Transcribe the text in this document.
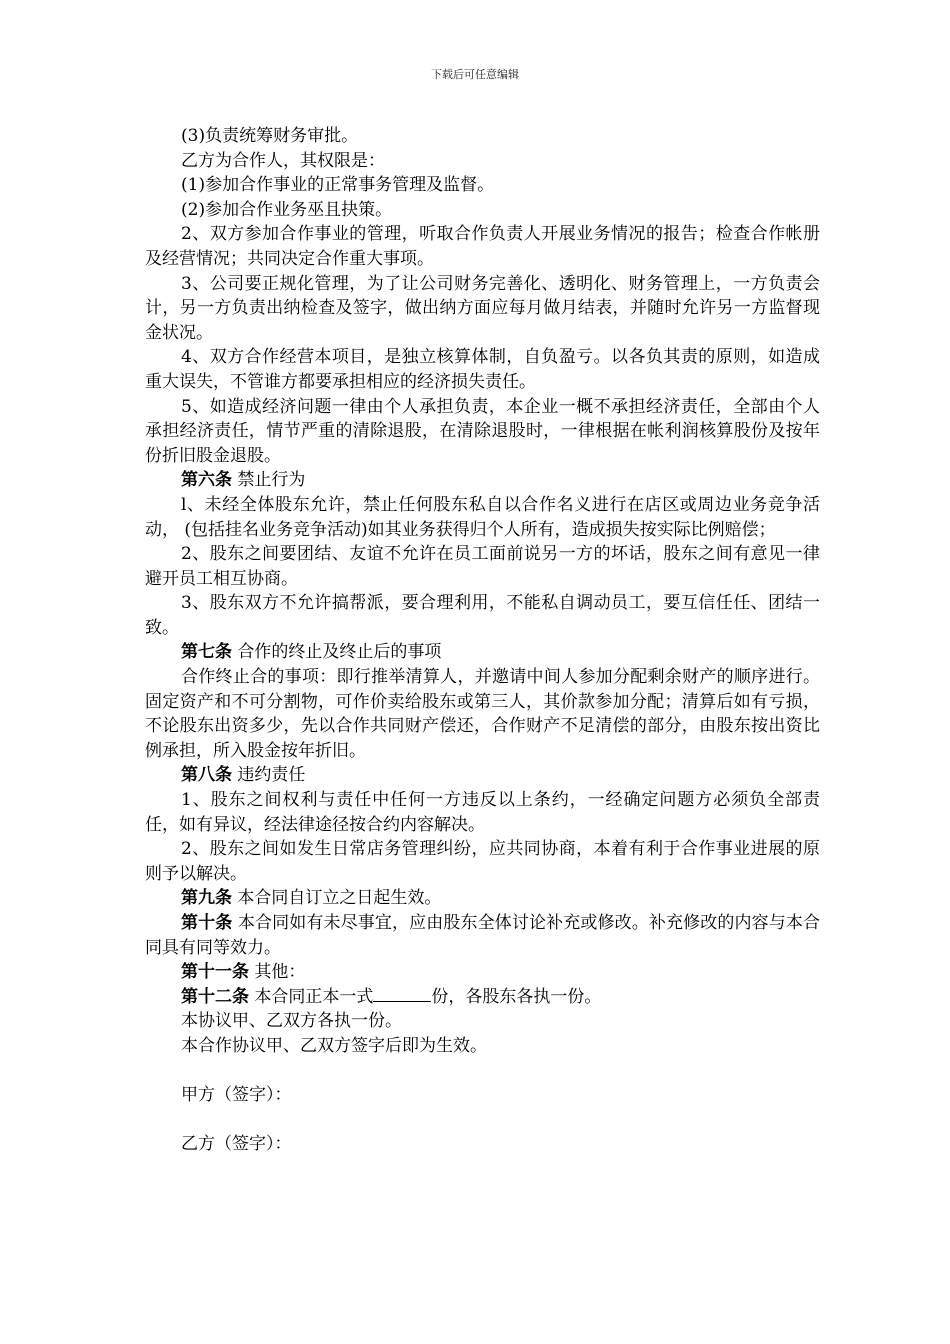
下载后可任意编辑

(3)负责统筹财务审批。

乙方为合作人，其权限是：

(1)参加合作事业的正常事务管理及监督。

(2)参加合作业务巫且抉策。

2、双方参加合作事业的管理，听取合作负责人开展业务情况的报告；检查合作帐册及经营情况；共同决定合作重大事项。

3、公司要正规化管理，为了让公司财务完善化、透明化、财务管理上，一方负责会计，另一方负责出纳检查及签字，做出纳方面应每月做月结表，并随时允许另一方监督现金状况。

4、双方合作经营本项目，是独立核算体制，自负盈亏。以各负其责的原则，如造成重大误失，不管谁方都要承担相应的经济损失责任。

5、如造成经济问题一律由个人承担负责，本企业一概不承担经济责任，全部由个人承担经济责任，情节严重的清除退股，在清除退股时，一律根据在帐利润核算股份及按年份折旧股金退股。

第六条 禁止行为

l、未经全体股东允许，禁止任何股东私自以合作名义进行在店区或周边业务竞争活动， (包括挂名业务竞争活动)如其业务获得归个人所有，造成损失按实际比例赔偿；

2、股东之间要团结、友谊不允许在员工面前说另一方的坏话，股东之间有意见一律避开员工相互协商。

3、股东双方不允许搞帮派，要合理利用，不能私自调动员工，要互信任任、团结一致。

第七条 合作的终止及终止后的事项

合作终止合的事项：即行推举清算人，并邀请中间人参加分配剩余财产的顺序进行。固定资产和不可分割物，可作价卖给股东或第三人，其价款参加分配；清算后如有亏损，不论股东出资多少，先以合作共同财产偿还，合作财产不足清偿的部分，由股东按出资比例承担，所入股金按年折旧。

第八条 违约责任

1、股东之间权利与责任中任何一方违反以上条约，一经确定问题方必须负全部责任，如有异议，经法律途径按合约内容解决。

2、股东之间如发生日常店务管理纠纷，应共同协商，本着有利于合作事业进展的原则予以解决。

第九条 本合同自订立之日起生效。

第十条 本合同如有未尽事宜，应由股东全体讨论补充或修改。补充修改的内容与本合同具有同等效力。

第十一条 其他：

第十二条 本合同正本一式	份，各股东各执一份。

本协议甲、乙双方各执一份。

本合作协议甲、乙双方签字后即为生效。

甲方（签字）：

乙方（签字）：
